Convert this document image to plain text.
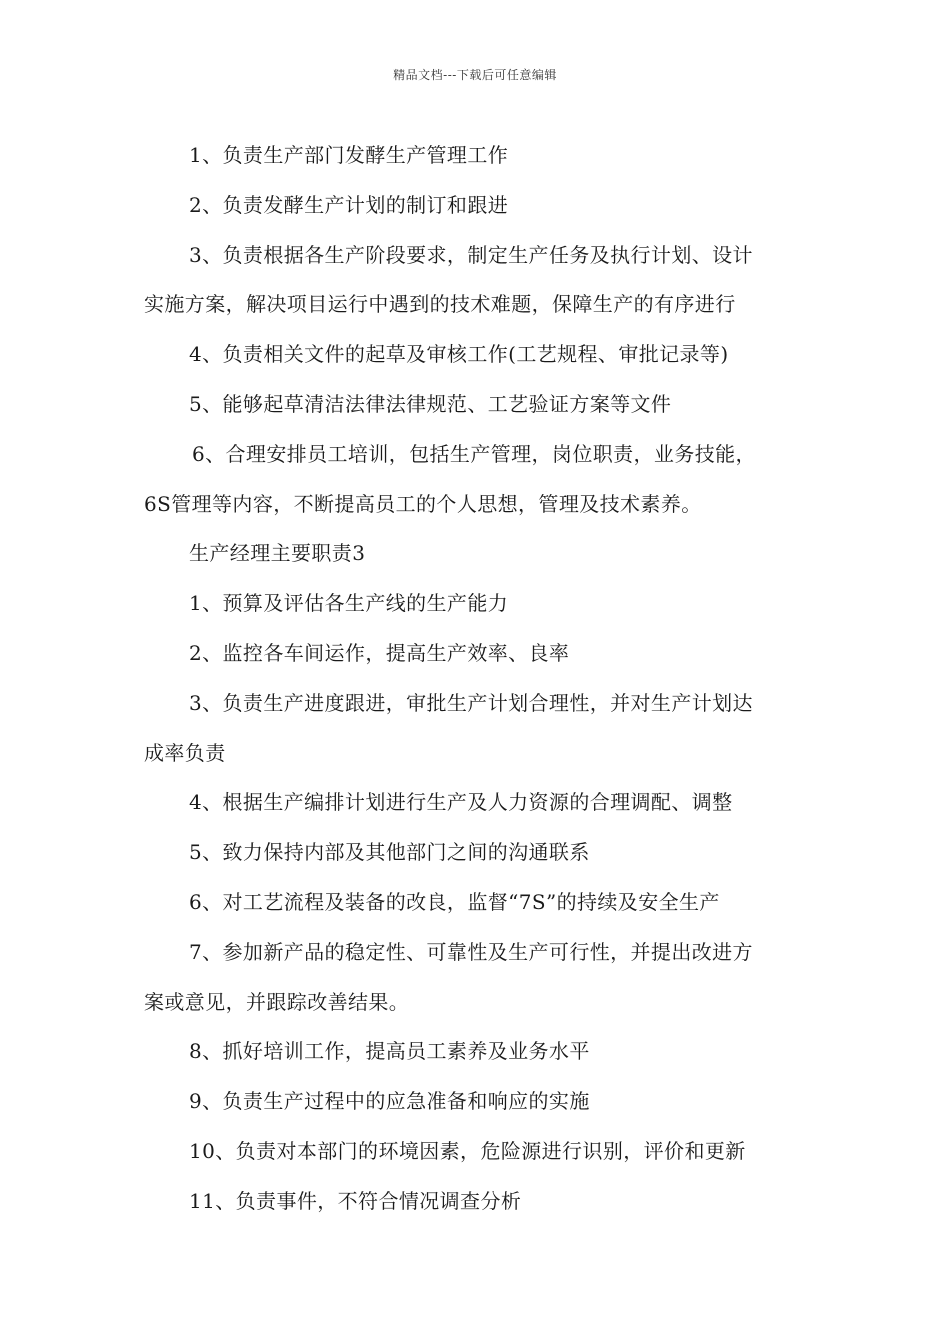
精品文档---下载后可任意编辑
1、负责生产部门发酵生产管理工作
2、负责发酵生产计划的制订和跟进
3、负责根据各生产阶段要求，制定生产任务及执行计划、设计
实施方案，解决项目运行中遇到的技术难题，保障生产的有序进行
4、负责相关文件的起草及审核工作(工艺规程、审批记录等)
5、能够起草清洁法律法律规范、工艺验证方案等文件
6、合理安排员工培训，包括生产管理，岗位职责，业务技能，
6S管理等内容，不断提高员工的个人思想，管理及技术素养。
生产经理主要职责3
1、预算及评估各生产线的生产能力
2、监控各车间运作，提高生产效率、良率
3、负责生产进度跟进，审批生产计划合理性，并对生产计划达
成率负责
4、根据生产编排计划进行生产及人力资源的合理调配、调整
5、致力保持内部及其他部门之间的沟通联系
6、对工艺流程及装备的改良，监督“7S”的持续及安全生产
7、参加新产品的稳定性、可靠性及生产可行性，并提出改进方
案或意见，并跟踪改善结果。
8、抓好培训工作，提高员工素养及业务水平
9、负责生产过程中的应急准备和响应的实施
10、负责对本部门的环境因素，危险源进行识别，评价和更新
11、负责事件，不符合情况调查分析
